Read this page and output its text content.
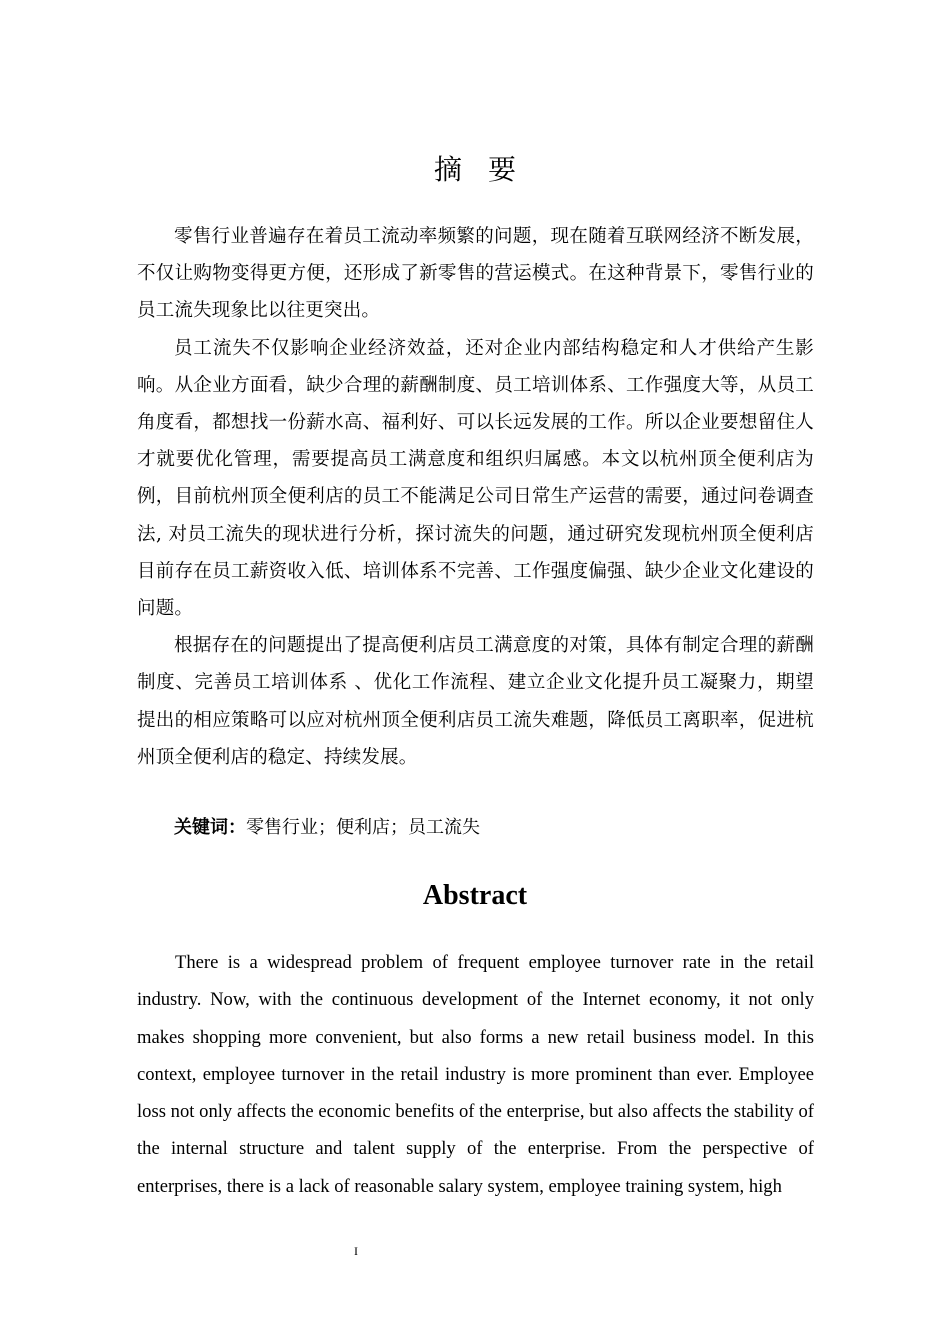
摘要

零售行业普遍存在着员工流动率频繁的问题，现在随着互联网经济不断发展，不仅让购物变得更方便，还形成了新零售的营运模式。在这种背景下，零售行业的员工流失现象比以往更突出。

员工流失不仅影响企业经济效益，还对企业内部结构稳定和人才供给产生影响。从企业方面看，缺少合理的薪酬制度、员工培训体系、工作强度大等，从员工角度看，都想找一份薪水高、福利好、可以长远发展的工作。所以企业要想留住人才就要优化管理，需要提高员工满意度和组织归属感。本文以杭州顶全便利店为例，目前杭州顶全便利店的员工不能满足公司日常生产运营的需要，通过问卷调查法, 对员工流失的现状进行分析，探讨流失的问题，通过研究发现杭州顶全便利店目前存在员工薪资收入低、培训体系不完善、工作强度偏强、缺少企业文化建设的问题。

根据存在的问题提出了提高便利店员工满意度的对策，具体有制定合理的薪酬制度、完善员工培训体系 、优化工作流程、建立企业文化提升员工凝聚力，期望提出的相应策略可以应对杭州顶全便利店员工流失难题，降低员工离职率，促进杭州顶全便利店的稳定、持续发展。

关键词：零售行业；便利店；员工流失
Abstract

There is a widespread problem of frequent employee turnover rate in the retail industry. Now, with the continuous development of the Internet economy, it not only makes shopping more convenient, but also forms a new retail business model. In this context, employee turnover in the retail industry is more prominent than ever. Employee loss not only affects the economic benefits of the enterprise, but also affects the stability of the internal structure and talent supply of the enterprise. From the perspective of enterprises, there is a lack of reasonable salary system, employee training system, high

I
